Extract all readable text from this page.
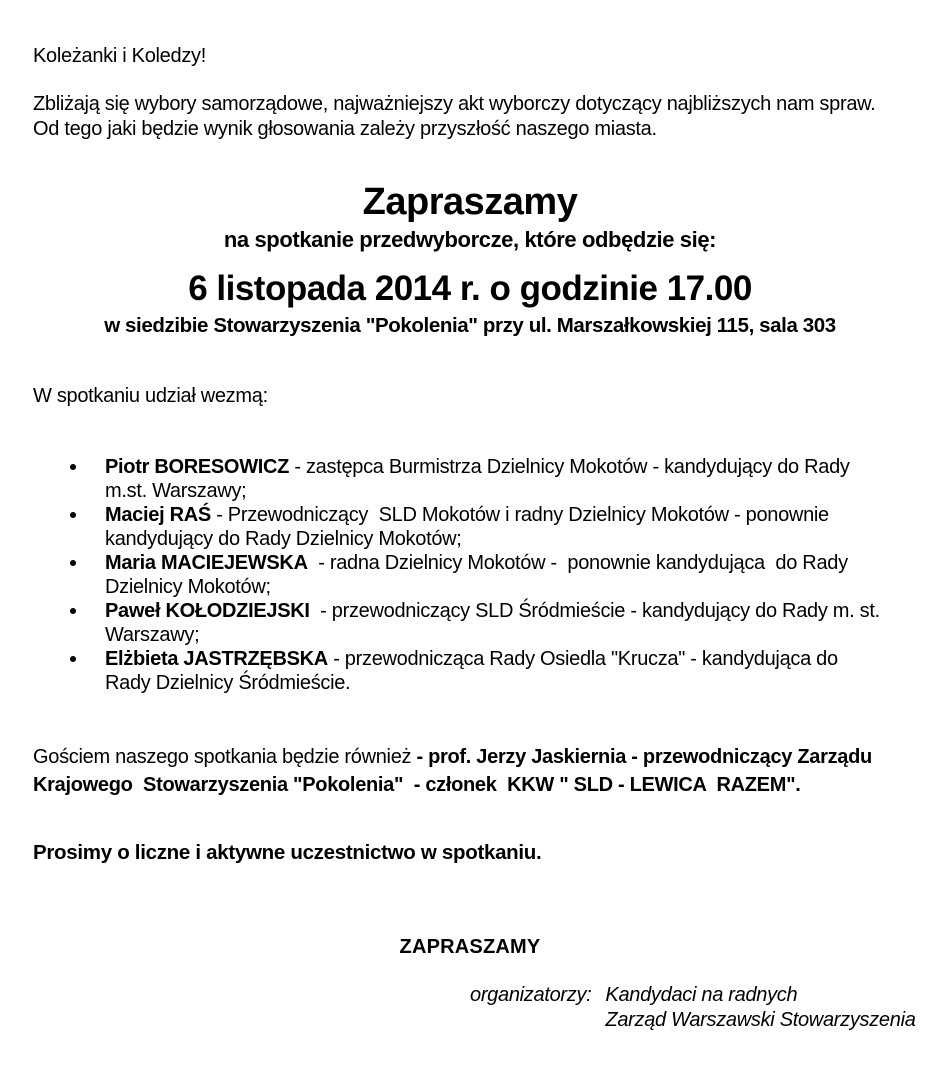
Koleżanki i Koledzy!

Zbliżają się wybory samorządowe, najważniejszy akt wyborczy dotyczący najbliższych nam spraw. Od tego jaki będzie wynik głosowania zależy przyszłość naszego miasta.

Zapraszamy

na spotkanie przedwyborcze, które odbędzie się:

6 listopada 2014 r. o godzinie 17.00

w siedzibie Stowarzyszenia "Pokolenia" przy ul. Marszałkowskiej 115, sala 303

W spotkaniu udział wezmą:

Piotr BORESOWICZ - zastępca Burmistrza Dzielnicy Mokotów - kandydujący do Rady m.st. Warszawy;
Maciej RAŚ - Przewodniczący  SLD Mokotów i radny Dzielnicy Mokotów - ponownie kandydujący do Rady Dzielnicy Mokotów;
Maria MACIEJEWSKA  - radna Dzielnicy Mokotów -  ponownie kandydująca  do Rady Dzielnicy Mokotów;
Paweł KOŁODZIEJSKI  - przewodniczący SLD Śródmieście - kandydujący do Rady m. st.  Warszawy;
Elżbieta JASTRZĘBSKA - przewodnicząca Rady Osiedla "Krucza" - kandydująca do Rady Dzielnicy Śródmieście.

Gościem naszego spotkania będzie również - prof. Jerzy Jaskiernia - przewodniczący Zarządu Krajowego  Stowarzyszenia "Pokolenia"  - członek  KKW " SLD - LEWICA  RAZEM".

Prosimy o liczne i aktywne uczestnictwo w spotkaniu.

ZAPRASZAMY

organizatorzy: Kandydaci na radnych
Zarząd Warszawski Stowarzyszenia
